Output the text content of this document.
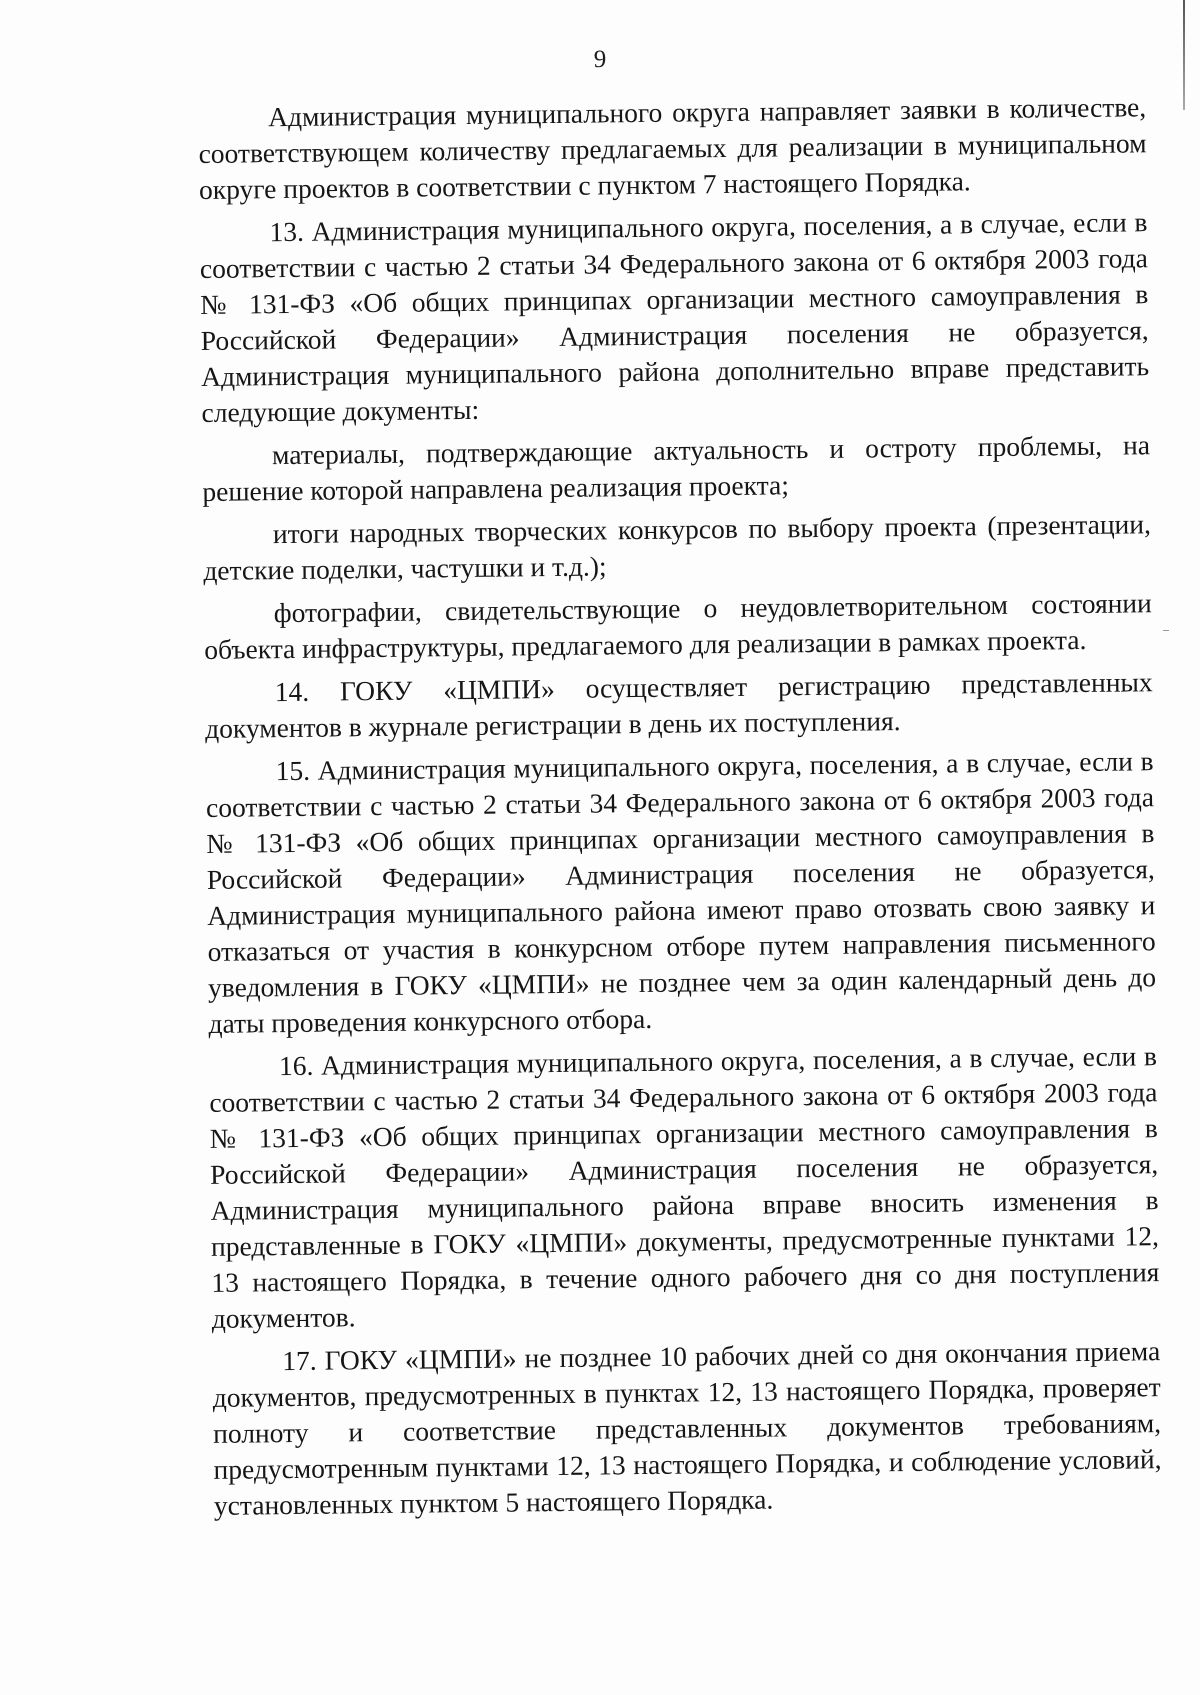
9

Администрация муниципального округа направляет заявки в количестве, соответствующем количеству предлагаемых для реализации в муниципальном округе проектов в соответствии с пунктом 7 настоящего Порядка.

13. Администрация муниципального округа, поселения, а в случае, если в соответствии с частью 2 статьи 34 Федерального закона от 6 октября 2003 года № 131-ФЗ «Об общих принципах организации местного самоуправления в Российской Федерации» Администрация поселения не образуется, Администрация муниципального района дополнительно вправе представить следующие документы:

материалы, подтверждающие актуальность и остроту проблемы, на решение которой направлена реализация проекта;

итоги народных творческих конкурсов по выбору проекта (презентации, детские поделки, частушки и т.д.);

фотографии, свидетельствующие о неудовлетворительном состоянии объекта инфраструктуры, предлагаемого для реализации в рамках проекта.

14. ГОКУ «ЦМПИ» осуществляет регистрацию представленных документов в журнале регистрации в день их поступления.

15. Администрация муниципального округа, поселения, а в случае, если в соответствии с частью 2 статьи 34 Федерального закона от 6 октября 2003 года № 131-ФЗ «Об общих принципах организации местного самоуправления в Российской Федерации» Администрация поселения не образуется, Администрация муниципального района имеют право отозвать свою заявку и отказаться от участия в конкурсном отборе путем направления письменного уведомления в ГОКУ «ЦМПИ» не позднее чем за один календарный день до даты проведения конкурсного отбора.

16. Администрация муниципального округа, поселения, а в случае, если в соответствии с частью 2 статьи 34 Федерального закона от 6 октября 2003 года № 131-ФЗ «Об общих принципах организации местного самоуправления в Российской Федерации» Администрация поселения не образуется, Администрация муниципального района вправе вносить изменения в представленные в ГОКУ «ЦМПИ» документы, предусмотренные пунктами 12, 13 настоящего Порядка, в течение одного рабочего дня со дня поступления документов.

17. ГОКУ «ЦМПИ» не позднее 10 рабочих дней со дня окончания приема документов, предусмотренных в пунктах 12, 13 настоящего Порядка, проверяет полноту и соответствие представленных документов требованиям, предусмотренным пунктами 12, 13 настоящего Порядка, и соблюдение условий, установленных пунктом 5 настоящего Порядка.
